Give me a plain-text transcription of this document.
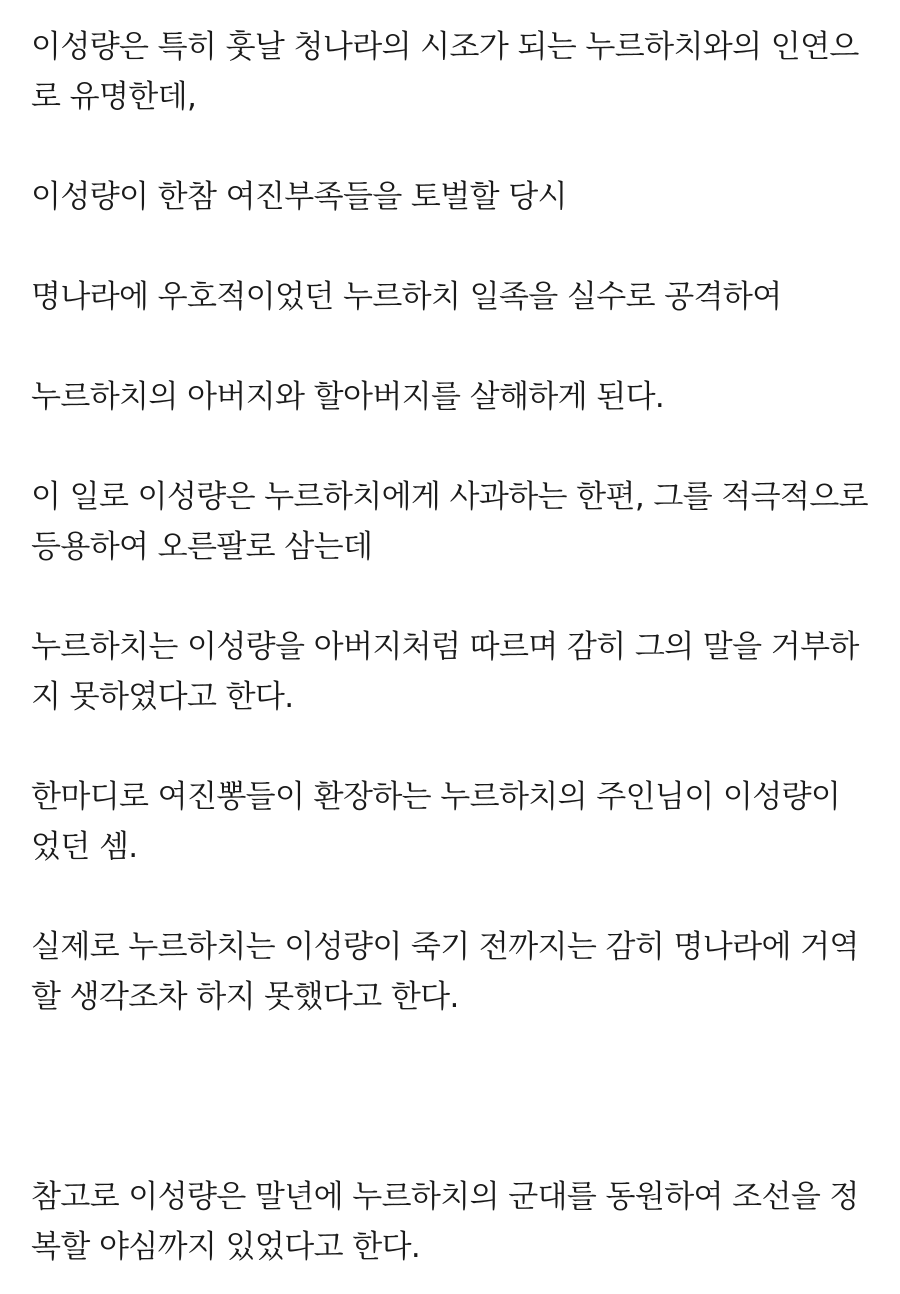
이성량은 특히 훗날 청나라의 시조가 되는 누르하치와의 인연으
로 유명한데,

이성량이 한참 여진부족들을 토벌할 당시

명나라에 우호적이었던 누르하치 일족을 실수로 공격하여

누르하치의 아버지와 할아버지를 살해하게 된다.

이 일로 이성량은 누르하치에게 사과하는 한편, 그를 적극적으로
등용하여 오른팔로 삼는데

누르하치는 이성량을 아버지처럼 따르며 감히 그의 말을 거부하
지 못하였다고 한다.

한마디로 여진뽕들이 환장하는 누르하치의 주인님이 이성량이
었던 셈.

실제로 누르하치는 이성량이 죽기 전까지는 감히 명나라에 거역
할 생각조차 하지 못했다고 한다.

참고로 이성량은 말년에 누르하치의 군대를 동원하여 조선을 정
복할 야심까지 있었다고 한다.
